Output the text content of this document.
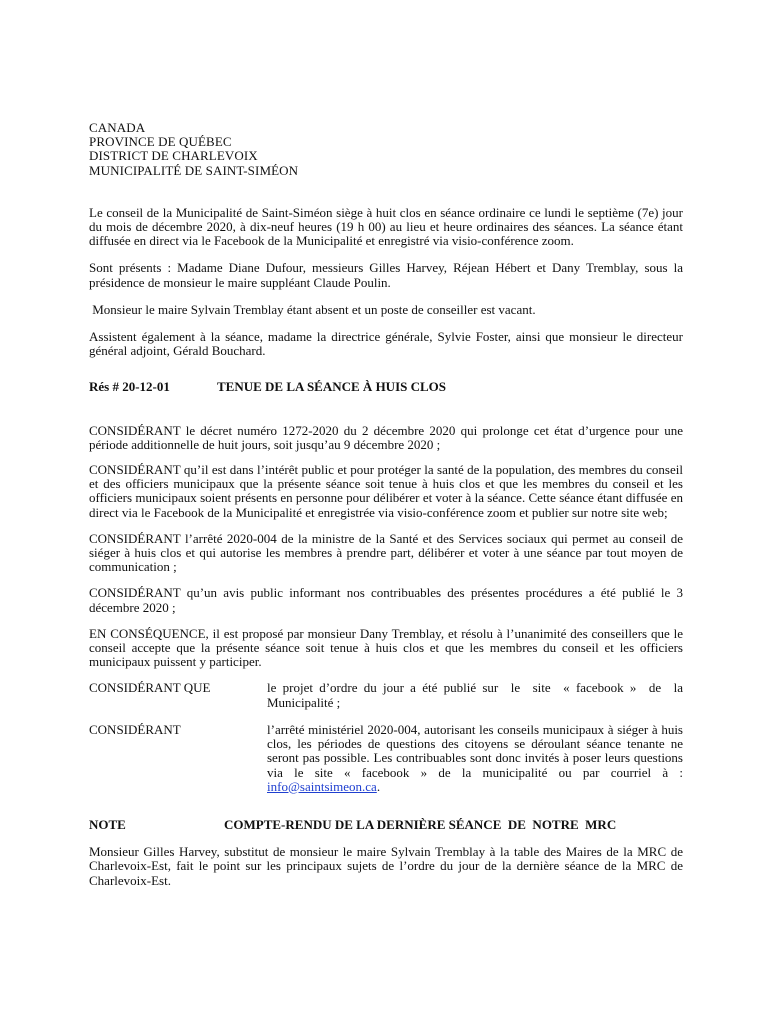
CANADA
PROVINCE DE QUÉBEC
DISTRICT DE CHARLEVOIX
MUNICIPALITÉ DE SAINT-SIMÉON

Le conseil de la Municipalité de Saint-Siméon siège à huit clos en séance ordinaire ce lundi le septième (7e) jour du mois de décembre 2020, à dix-neuf heures (19 h 00) au lieu et heure ordinaires des séances. La séance étant diffusée en direct via le Facebook de la Municipalité et enregistré via visio-conférence zoom.

Sont présents : Madame Diane Dufour, messieurs Gilles Harvey, Réjean Hébert et Dany Tremblay, sous la présidence de monsieur le maire suppléant Claude Poulin.

Monsieur le maire Sylvain Tremblay étant absent et un poste de conseiller est vacant.

Assistent également à la séance, madame la directrice générale, Sylvie Foster, ainsi que monsieur le directeur général adjoint, Gérald Bouchard.

Rés # 20-12-01	TENUE DE LA SÉANCE À HUIS CLOS

CONSIDÉRANT le décret numéro 1272-2020 du 2 décembre 2020 qui prolonge cet état d’urgence pour une période additionnelle de huit jours, soit jusqu’au 9 décembre 2020 ;

CONSIDÉRANT qu’il est dans l’intérêt public et pour protéger la santé de la population, des membres du conseil et des officiers municipaux que la présente séance soit tenue à huis clos et que les membres du conseil et les officiers municipaux soient présents en personne pour délibérer et voter à la séance. Cette séance étant diffusée en direct via le Facebook de la Municipalité et enregistrée via visio-conférence zoom et publier sur notre site web;

CONSIDÉRANT l’arrêté 2020-004 de la ministre de la Santé et des Services sociaux qui permet au conseil de siéger à huis clos et qui autorise les membres à prendre part, délibérer et voter à une séance par tout moyen de communication ;

CONSIDÉRANT qu’un avis public informant nos contribuables des présentes procédures a été publié le 3 décembre 2020 ;

EN CONSÉQUENCE, il est proposé par monsieur Dany Tremblay, et résolu à l’unanimité des conseillers que le conseil accepte que la présente séance soit tenue à huis clos et que les membres du conseil et les officiers municipaux puissent y participer.

CONSIDÉRANT QUE	le projet d’ordre du jour a été publié sur  le  site  « facebook »  de  la Municipalité ;
CONSIDÉRANT	l’arrêté ministériel 2020-004, autorisant les conseils municipaux à siéger à huis clos, les périodes de questions des citoyens se déroulant séance tenante ne seront pas possible. Les contribuables sont donc invités à poser leurs questions via le site « facebook » de la municipalité ou par courriel à : info@saintsimeon.ca.
NOTE	COMPTE-RENDU DE LA DERNIÈRE SÉANCE  DE  NOTRE  MRC

Monsieur Gilles Harvey, substitut de monsieur le maire Sylvain Tremblay à la table des Maires de la MRC de Charlevoix-Est, fait le point sur les principaux sujets de l’ordre du jour de la dernière séance de la MRC de Charlevoix-Est.
